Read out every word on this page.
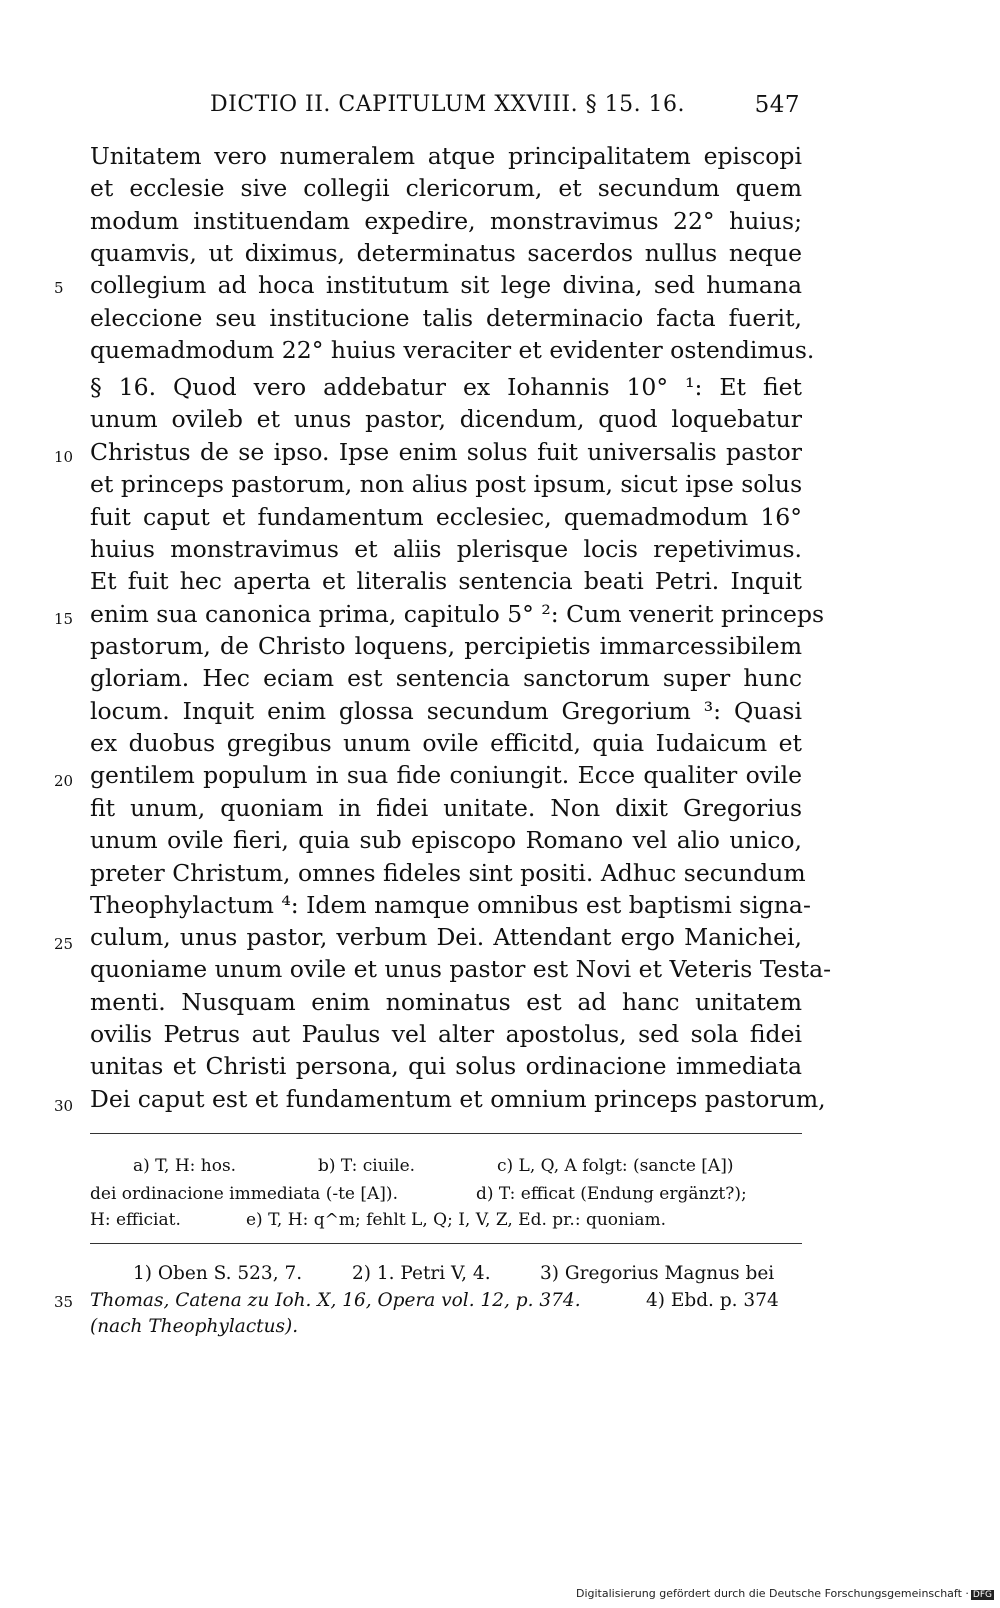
DICTIO II. CAPITULUM XXVIII. § 15. 16.	547
Unitatem vero numeralem atque principalitatem episcopi
et ecclesie sive collegii clericorum, et secundum quem
modum instituendam expedire, monstravimus 22° huius;
quamvis, ut diximus, determinatus sacerdos nullus neque
collegium ad hoca institutum sit lege divina, sed humana
eleccione seu institucione talis determinacio facta fuerit,
quemadmodum 22° huius veraciter et evidenter ostendimus.
§ 16. Quod vero addebatur ex Iohannis 10° ¹: Et fiet
unum ovileb et unus pastor, dicendum, quod loquebatur
Christus de se ipso. Ipse enim solus fuit universalis pastor
et princeps pastorum, non alius post ipsum, sicut ipse solus
fuit caput et fundamentum ecclesiec, quemadmodum 16°
huius monstravimus et aliis plerisque locis repetivimus.
Et fuit hec aperta et literalis sentencia beati Petri. Inquit
enim sua canonica prima, capitulo 5° ²: Cum venerit princeps
pastorum, de Christo loquens, percipietis immarcessibilem
gloriam. Hec eciam est sentencia sanctorum super hunc
locum. Inquit enim glossa secundum Gregorium ³: Quasi
ex duobus gregibus unum ovile efficitd, quia Iudaicum et
gentilem populum in sua fide coniungit. Ecce qualiter ovile
fit unum, quoniam in fidei unitate. Non dixit Gregorius
unum ovile fieri, quia sub episcopo Romano vel alio unico,
preter Christum, omnes fideles sint positi. Adhuc secundum
Theophylactum ⁴: Idem namque omnibus est baptismi signa-
culum, unus pastor, verbum Dei. Attendant ergo Manichei,
quoniame unum ovile et unus pastor est Novi et Veteris Testa-
menti. Nusquam enim nominatus est ad hanc unitatem
ovilis Petrus aut Paulus vel alter apostolus, sed sola fidei
unitas et Christi persona, qui solus ordinacione immediata
Dei caput est et fundamentum et omnium princeps pastorum,
5
10
15
20
25
30
35
a) T, H: hos.	b) T: ciuile.	c) L, Q, A folgt: (sancte [A])
dei ordinacione immediata (-te [A]).	d) T: efficat (Endung ergänzt?);
H: efficiat.	e) T, H: q^m; fehlt L, Q; I, V, Z, Ed. pr.: quoniam.
1) Oben S. 523, 7.	2) 1. Petri V, 4.	3) Gregorius Magnus bei
Thomas, Catena zu Ioh. X, 16, Opera vol. 12, p. 374.	4) Ebd. p. 374
(nach Theophylactus).
Digitalisierung gefördert durch die Deutsche Forschungsgemeinschaft · DFG
